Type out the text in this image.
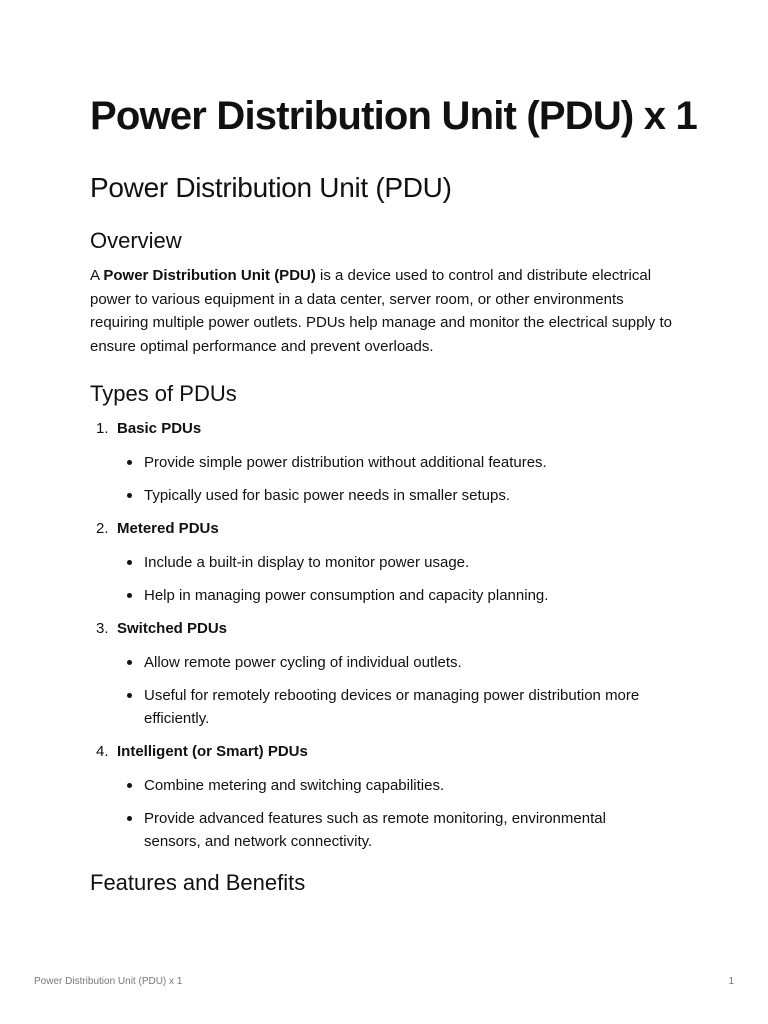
Power Distribution Unit (PDU) x 1
Power Distribution Unit (PDU)
Overview

A Power Distribution Unit (PDU) is a device used to control and distribute electrical power to various equipment in a data center, server room, or other environments requiring multiple power outlets. PDUs help manage and monitor the electrical supply to ensure optimal performance and prevent overloads.

Types of PDUs
1. Basic PDUs
Provide simple power distribution without additional features.
Typically used for basic power needs in smaller setups.
2. Metered PDUs
Include a built-in display to monitor power usage.
Help in managing power consumption and capacity planning.
3. Switched PDUs
Allow remote power cycling of individual outlets.
Useful for remotely rebooting devices or managing power distribution more efficiently.
4. Intelligent (or Smart) PDUs
Combine metering and switching capabilities.
Provide advanced features such as remote monitoring, environmental sensors, and network connectivity.
Features and Benefits
Power Distribution Unit (PDU) x 1	1
